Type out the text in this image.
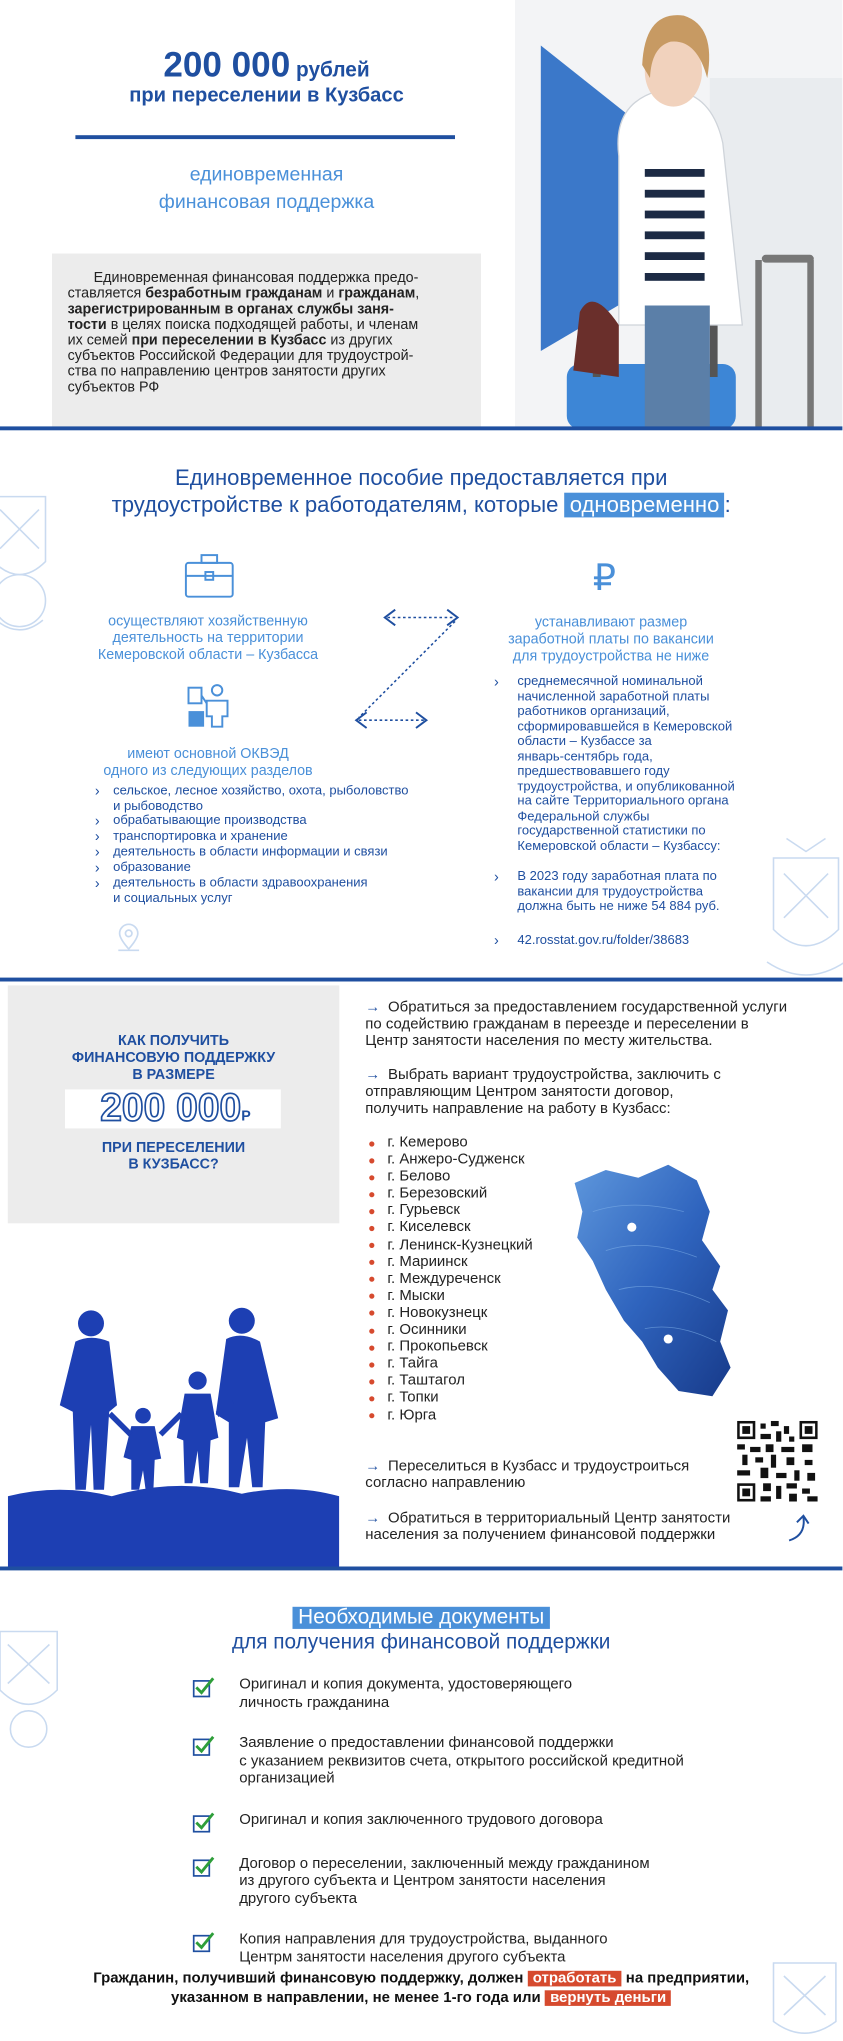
200 000 рублей
при переселении в Кузбасс
единовременная
финансовая поддержка
Единовременная финансовая поддержка предо-
ставляется безработным гражданам и гражданам,
зарегистрированным в органах службы заня-
тости в целях поиска подходящей работы, и членам
их семей при переселении в Кузбасс из других
субъектов Российской Федерации для трудоустрой-
ства по направлению центров занятости других
субъектов РФ
Единовременное пособие предоставляется при
трудоустройстве к работодателям, которые одновременно :
осуществляют хозяйственную
деятельность на территории
Кемеровской области – Кузбасса
имеют основной ОКВЭД
одного из следующих разделов
›	сельское, лесное хозяйство, охота, рыболовство
и рыбоводство
›	обрабатывающие производства
›	транспортировка и хранение
›	деятельность в области информации и связи
›	образование
›	деятельность в области здравоохранения
и социальных услуг
₽
устанавливают размер
заработной платы по вакансии
для трудоустройства не ниже
›	среднемесячной номинальной
начисленной заработной платы
работников организаций,
сформировавшейся в Кемеровской
области – Кузбассе за
январь-сентябрь года,
предшествовавшего году
трудоустройства, и опубликованной
на сайте Территориального органа
Федеральной службы
государственной статистики по
Кемеровской области – Кузбассу:
›	В 2023 году заработная плата по
вакансии для трудоустройства
должна быть не ниже 54 884 руб.
›	42.rosstat.gov.ru/folder/38683
КАК ПОЛУЧИТЬ
ФИНАНСОВУЮ ПОДДЕРЖКУ
В РАЗМЕРЕ
200 000Р
ПРИ ПЕРЕСЕЛЕНИИ
В КУЗБАСС?
→ Обратиться за предоставлением государственной услуги
по содействию гражданам в переезде и переселении в
Центр занятости населения по месту жительства.
→ Выбрать вариант трудоустройства, заключить с
отправляющим Центром занятости договор,
получить направление на работу в Кузбасс:
г. Кемерово
г. Анжеро-Судженск
г. Белово
г. Березовский
г. Гурьевск
г. Киселевск
г. Ленинск-Кузнецкий
г. Мариинск
г. Междуреченск
г. Мыски
г. Новокузнецк
г. Осинники
г. Прокопьевск
г. Тайга
г. Таштагол
г. Топки
г. Юрга
→ Переселиться в Кузбасс и трудоустроиться
согласно направлению
→ Обратиться в территориальный Центр занятости
населения за получением финансовой поддержки
Необходимые документы
для получения финансовой поддержки
Оригинал и копия документа, удостоверяющего
личность гражданина
Заявление о предоставлении финансовой поддержки
с указанием реквизитов счета, открытого российской кредитной
организацией
Оригинал и копия заключенного трудового договора
Договор о переселении, заключенный между гражданином
из другого субъекта и Центром занятости населения
другого субъекта
Копия направления для трудоустройства, выданного
Центрм занятости населения другого субъекта
Гражданин, получивший финансовую поддержку, должен отработать на предприятии,
указанном в направлении, не менее 1-го года или вернуть деньги
